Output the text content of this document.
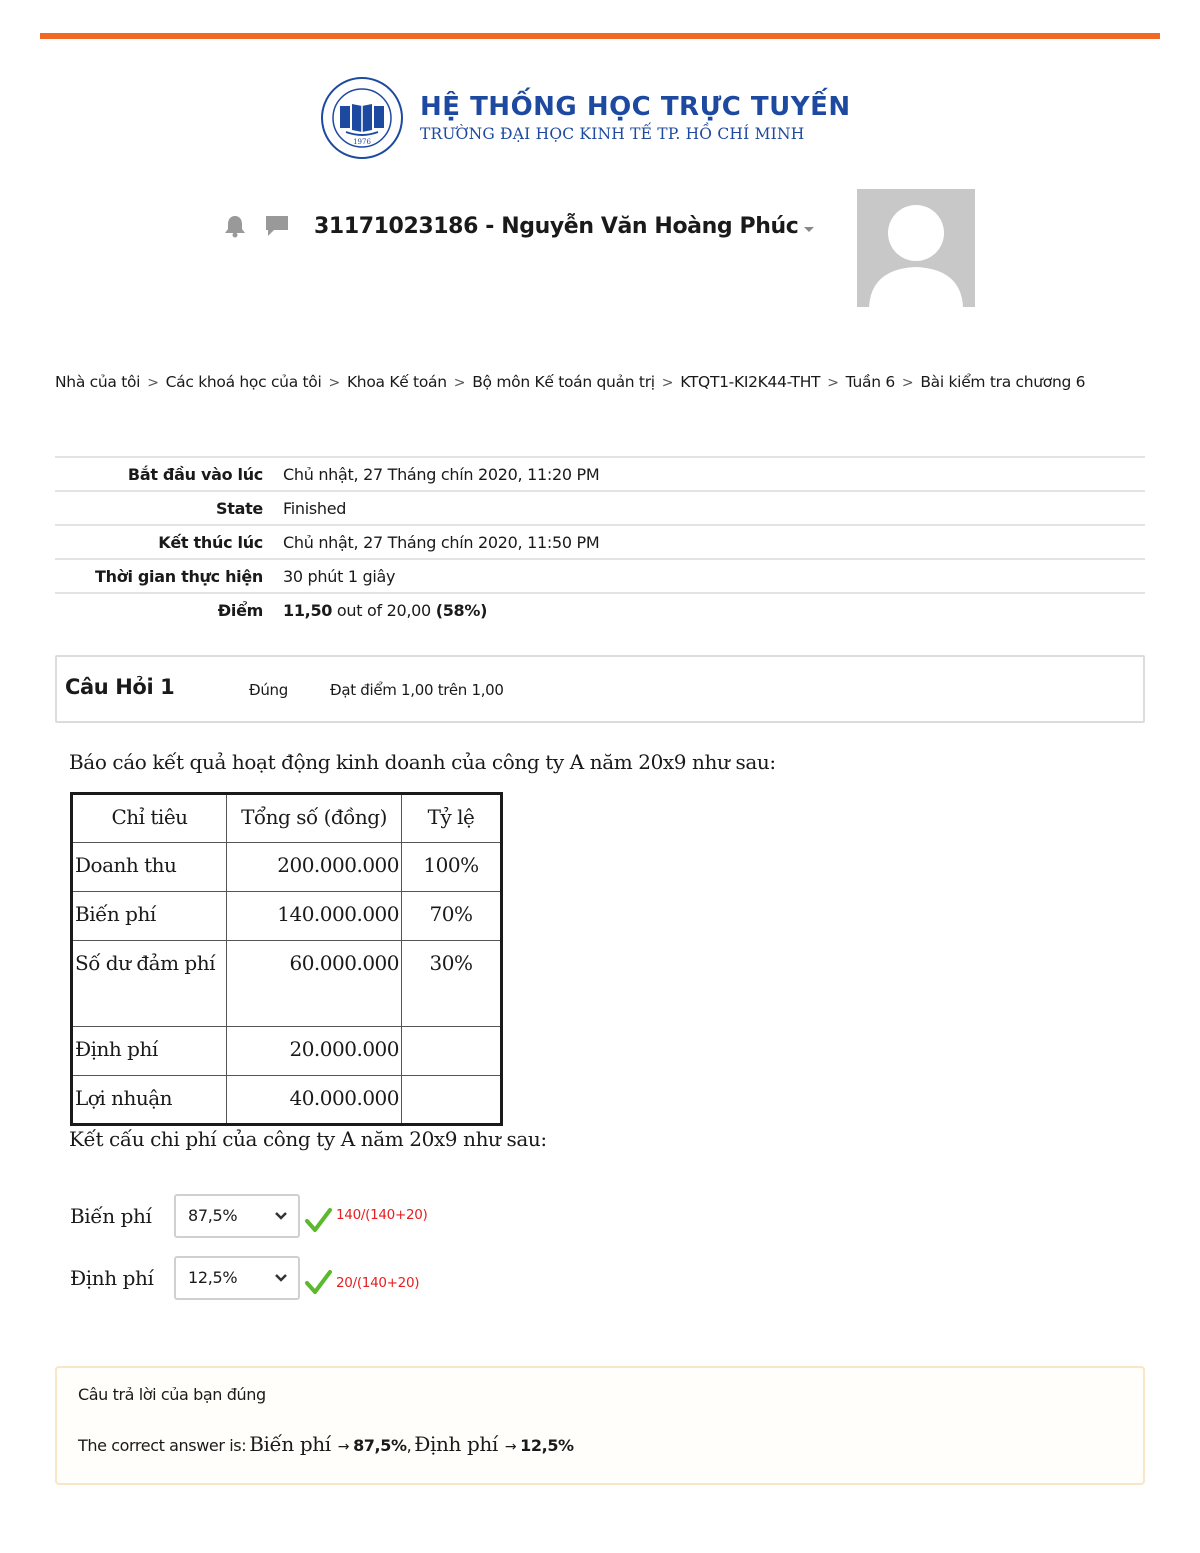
1976
HỆ THỐNG HỌC TRỰC TUYẾN
TRƯỜNG ĐẠI HỌC KINH TẾ TP. HỒ CHÍ MINH
31171023186 - Nguyễn Văn Hoàng Phúc
Nhà của tôi > Các khoá học của tôi > Khoa Kế toán > Bộ môn Kế toán quản trị > KTQT1-KI2K44-THT > Tuần 6 > Bài kiểm tra chương 6
Bắt đầu vào lúc	Chủ nhật, 27 Tháng chín 2020, 11:20 PM
State	Finished
Kết thúc lúc	Chủ nhật, 27 Tháng chín 2020, 11:50 PM
Thời gian thực hiện	30 phút 1 giây
Điểm	11,50 out of 20,00 (58%)
Câu Hỏi 1	Đúng	Đạt điểm 1,00 trên 1,00
Báo cáo kết quả hoạt động kinh doanh của công ty A năm 20x9 như sau:
Chỉ tiêu	Tổng số (đồng)	Tỷ lệ
Doanh thu	200.000.000	100%
Biến phí	140.000.000	70%
Số dư đảm phí	60.000.000	30%
Định phí	20.000.000	
Lợi nhuận	40.000.000	
Kết cấu chi phí của công ty A năm 20x9 như sau:
Biến phí	87,5%	140/(140+20)
Định phí	12,5%	20/(140+20)
Câu trả lời của bạn đúng
The correct answer is: Biến phí → 87,5% , Định phí → 12,5%
